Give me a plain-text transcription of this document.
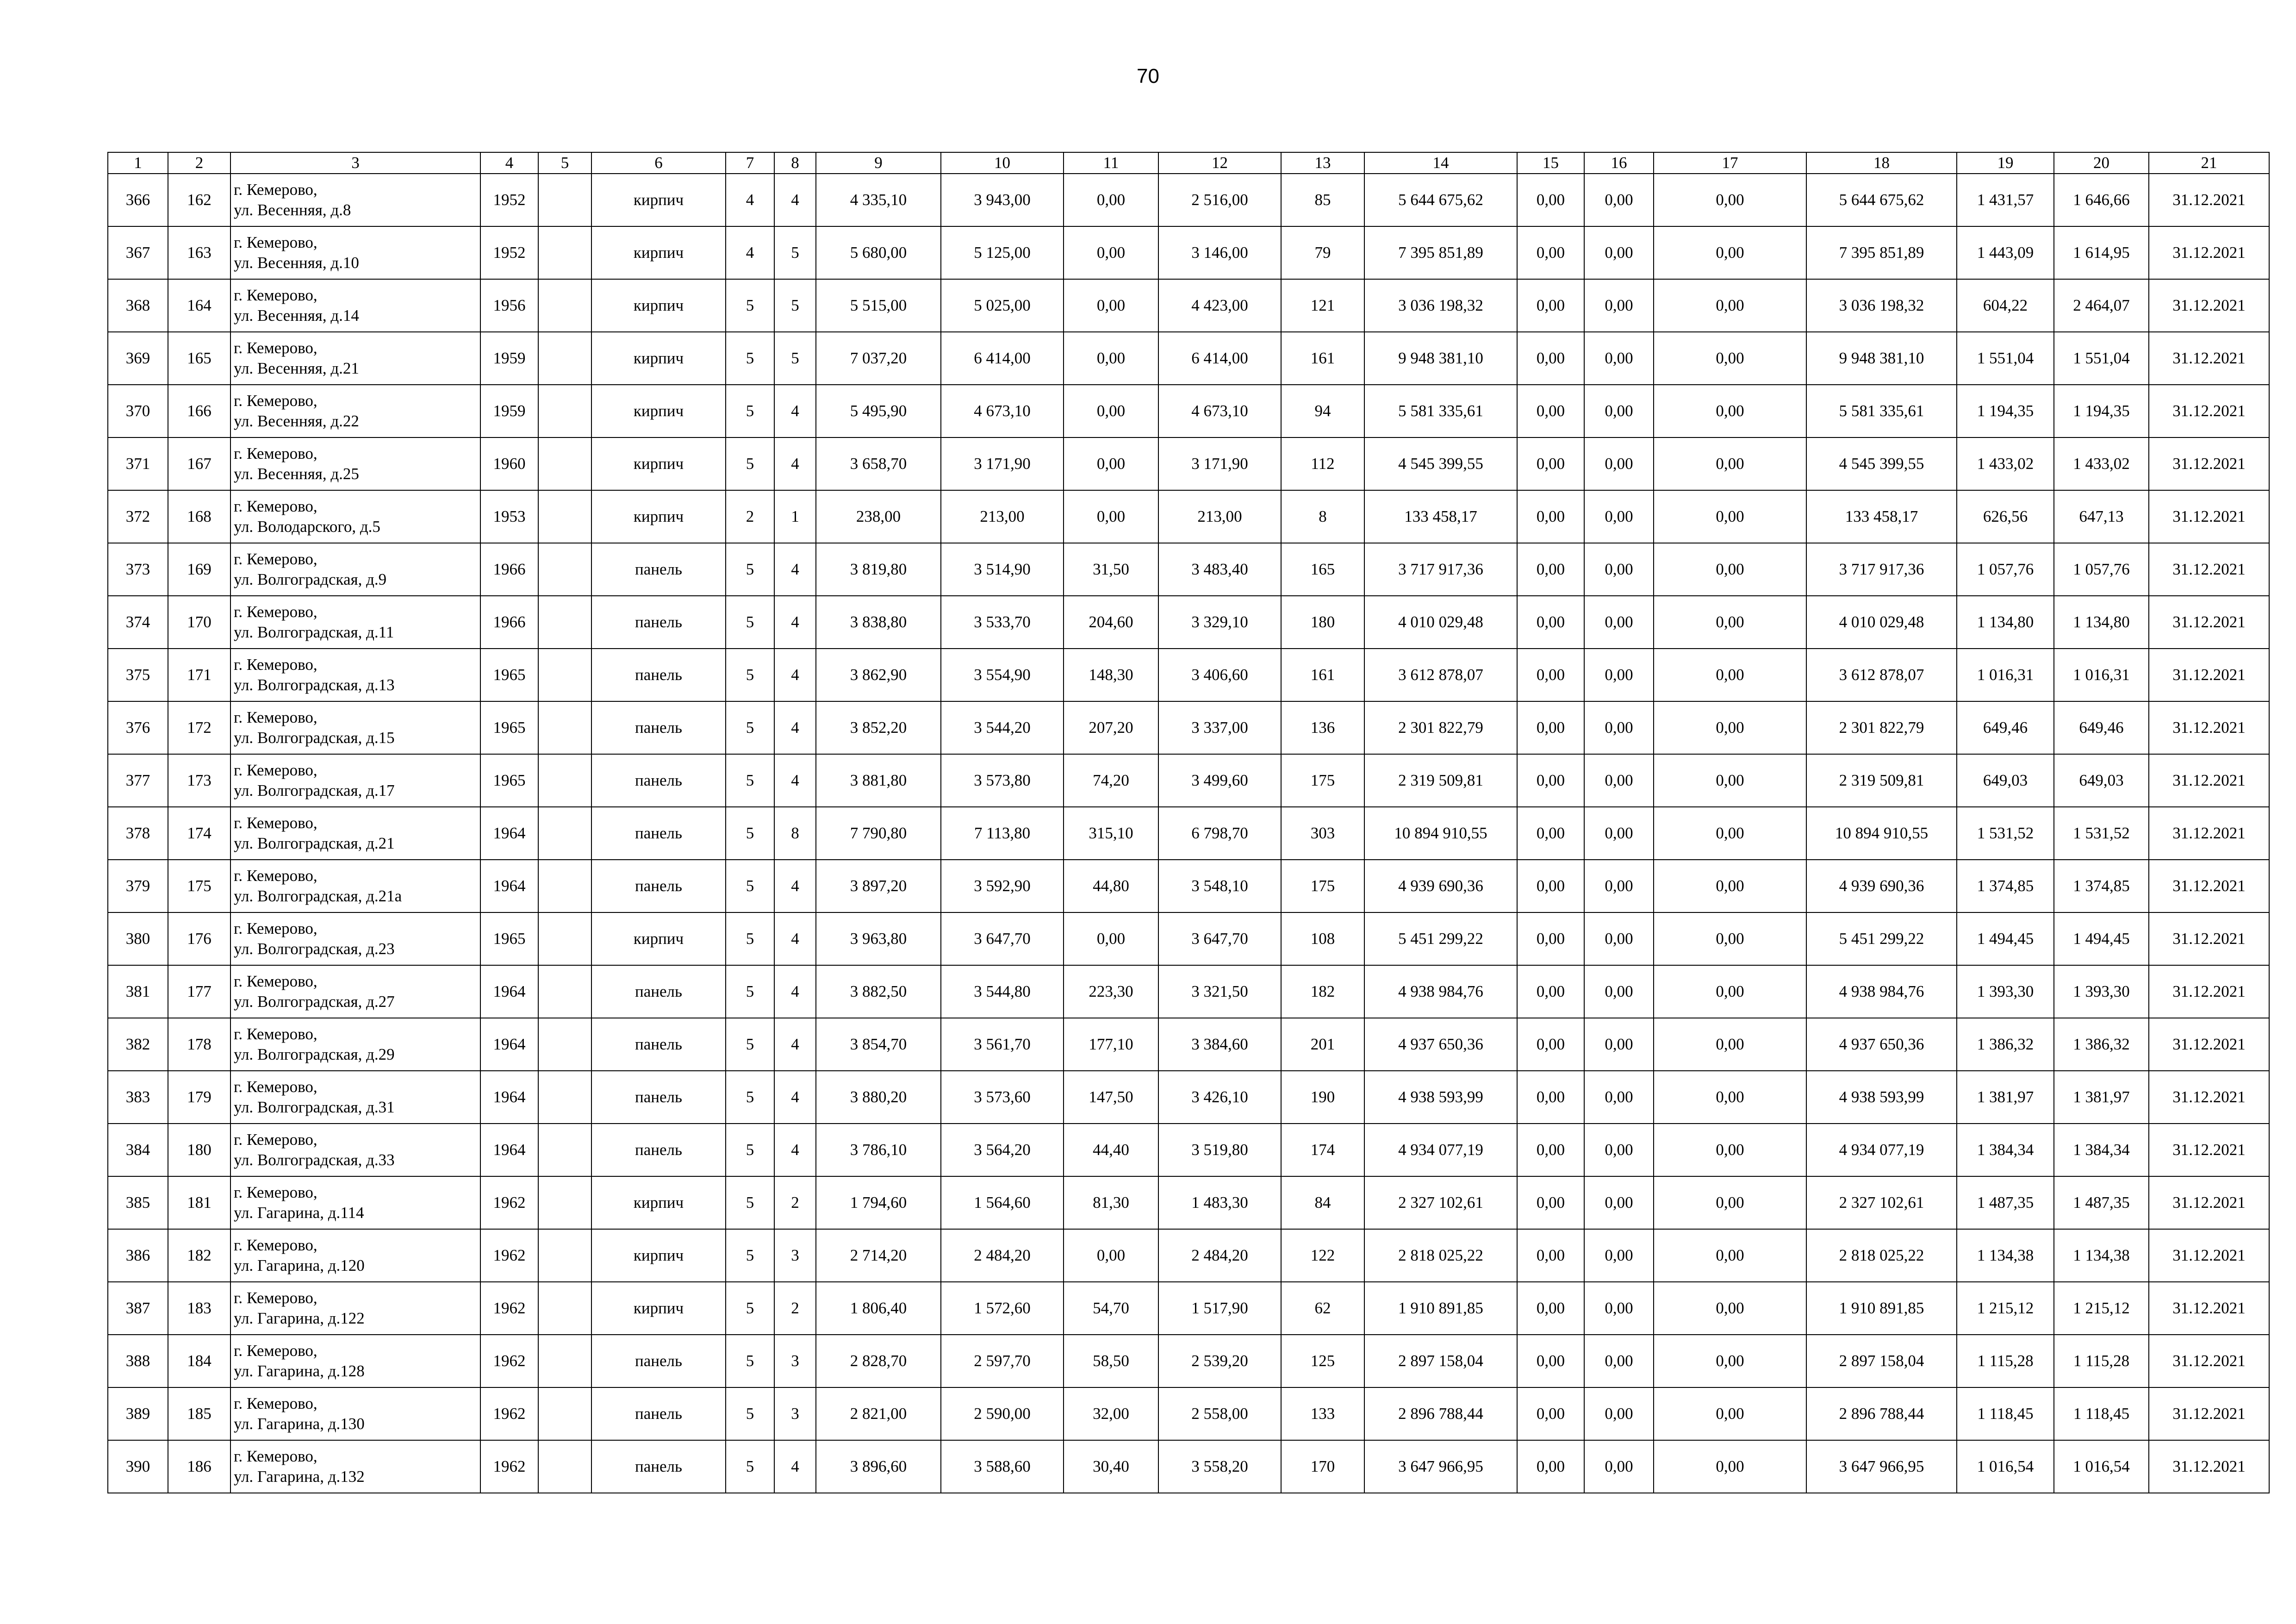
70
1	2	3	4	5	6	7	8	9	10	11	12	13	14	15	16	17	18	19	20	21
366	162	г. Кемерово,
ул. Весенняя, д.8	1952		кирпич	4	4	4 335,10	3 943,00	0,00	2 516,00	85	5 644 675,62	0,00	0,00	0,00	5 644 675,62	1 431,57	1 646,66	31.12.2021
367	163	г. Кемерово,
ул. Весенняя, д.10	1952		кирпич	4	5	5 680,00	5 125,00	0,00	3 146,00	79	7 395 851,89	0,00	0,00	0,00	7 395 851,89	1 443,09	1 614,95	31.12.2021
368	164	г. Кемерово,
ул. Весенняя, д.14	1956		кирпич	5	5	5 515,00	5 025,00	0,00	4 423,00	121	3 036 198,32	0,00	0,00	0,00	3 036 198,32	604,22	2 464,07	31.12.2021
369	165	г. Кемерово,
ул. Весенняя, д.21	1959		кирпич	5	5	7 037,20	6 414,00	0,00	6 414,00	161	9 948 381,10	0,00	0,00	0,00	9 948 381,10	1 551,04	1 551,04	31.12.2021
370	166	г. Кемерово,
ул. Весенняя, д.22	1959		кирпич	5	4	5 495,90	4 673,10	0,00	4 673,10	94	5 581 335,61	0,00	0,00	0,00	5 581 335,61	1 194,35	1 194,35	31.12.2021
371	167	г. Кемерово,
ул. Весенняя, д.25	1960		кирпич	5	4	3 658,70	3 171,90	0,00	3 171,90	112	4 545 399,55	0,00	0,00	0,00	4 545 399,55	1 433,02	1 433,02	31.12.2021
372	168	г. Кемерово,
ул. Володарского, д.5	1953		кирпич	2	1	238,00	213,00	0,00	213,00	8	133 458,17	0,00	0,00	0,00	133 458,17	626,56	647,13	31.12.2021
373	169	г. Кемерово,
ул. Волгоградская, д.9	1966		панель	5	4	3 819,80	3 514,90	31,50	3 483,40	165	3 717 917,36	0,00	0,00	0,00	3 717 917,36	1 057,76	1 057,76	31.12.2021
374	170	г. Кемерово,
ул. Волгоградская, д.11	1966		панель	5	4	3 838,80	3 533,70	204,60	3 329,10	180	4 010 029,48	0,00	0,00	0,00	4 010 029,48	1 134,80	1 134,80	31.12.2021
375	171	г. Кемерово,
ул. Волгоградская, д.13	1965		панель	5	4	3 862,90	3 554,90	148,30	3 406,60	161	3 612 878,07	0,00	0,00	0,00	3 612 878,07	1 016,31	1 016,31	31.12.2021
376	172	г. Кемерово,
ул. Волгоградская, д.15	1965		панель	5	4	3 852,20	3 544,20	207,20	3 337,00	136	2 301 822,79	0,00	0,00	0,00	2 301 822,79	649,46	649,46	31.12.2021
377	173	г. Кемерово,
ул. Волгоградская, д.17	1965		панель	5	4	3 881,80	3 573,80	74,20	3 499,60	175	2 319 509,81	0,00	0,00	0,00	2 319 509,81	649,03	649,03	31.12.2021
378	174	г. Кемерово,
ул. Волгоградская, д.21	1964		панель	5	8	7 790,80	7 113,80	315,10	6 798,70	303	10 894 910,55	0,00	0,00	0,00	10 894 910,55	1 531,52	1 531,52	31.12.2021
379	175	г. Кемерово,
ул. Волгоградская, д.21а	1964		панель	5	4	3 897,20	3 592,90	44,80	3 548,10	175	4 939 690,36	0,00	0,00	0,00	4 939 690,36	1 374,85	1 374,85	31.12.2021
380	176	г. Кемерово,
ул. Волгоградская, д.23	1965		кирпич	5	4	3 963,80	3 647,70	0,00	3 647,70	108	5 451 299,22	0,00	0,00	0,00	5 451 299,22	1 494,45	1 494,45	31.12.2021
381	177	г. Кемерово,
ул. Волгоградская, д.27	1964		панель	5	4	3 882,50	3 544,80	223,30	3 321,50	182	4 938 984,76	0,00	0,00	0,00	4 938 984,76	1 393,30	1 393,30	31.12.2021
382	178	г. Кемерово,
ул. Волгоградская, д.29	1964		панель	5	4	3 854,70	3 561,70	177,10	3 384,60	201	4 937 650,36	0,00	0,00	0,00	4 937 650,36	1 386,32	1 386,32	31.12.2021
383	179	г. Кемерово,
ул. Волгоградская, д.31	1964		панель	5	4	3 880,20	3 573,60	147,50	3 426,10	190	4 938 593,99	0,00	0,00	0,00	4 938 593,99	1 381,97	1 381,97	31.12.2021
384	180	г. Кемерово,
ул. Волгоградская, д.33	1964		панель	5	4	3 786,10	3 564,20	44,40	3 519,80	174	4 934 077,19	0,00	0,00	0,00	4 934 077,19	1 384,34	1 384,34	31.12.2021
385	181	г. Кемерово,
ул. Гагарина, д.114	1962		кирпич	5	2	1 794,60	1 564,60	81,30	1 483,30	84	2 327 102,61	0,00	0,00	0,00	2 327 102,61	1 487,35	1 487,35	31.12.2021
386	182	г. Кемерово,
ул. Гагарина, д.120	1962		кирпич	5	3	2 714,20	2 484,20	0,00	2 484,20	122	2 818 025,22	0,00	0,00	0,00	2 818 025,22	1 134,38	1 134,38	31.12.2021
387	183	г. Кемерово,
ул. Гагарина, д.122	1962		кирпич	5	2	1 806,40	1 572,60	54,70	1 517,90	62	1 910 891,85	0,00	0,00	0,00	1 910 891,85	1 215,12	1 215,12	31.12.2021
388	184	г. Кемерово,
ул. Гагарина, д.128	1962		панель	5	3	2 828,70	2 597,70	58,50	2 539,20	125	2 897 158,04	0,00	0,00	0,00	2 897 158,04	1 115,28	1 115,28	31.12.2021
389	185	г. Кемерово,
ул. Гагарина, д.130	1962		панель	5	3	2 821,00	2 590,00	32,00	2 558,00	133	2 896 788,44	0,00	0,00	0,00	2 896 788,44	1 118,45	1 118,45	31.12.2021
390	186	г. Кемерово,
ул. Гагарина, д.132	1962		панель	5	4	3 896,60	3 588,60	30,40	3 558,20	170	3 647 966,95	0,00	0,00	0,00	3 647 966,95	1 016,54	1 016,54	31.12.2021
